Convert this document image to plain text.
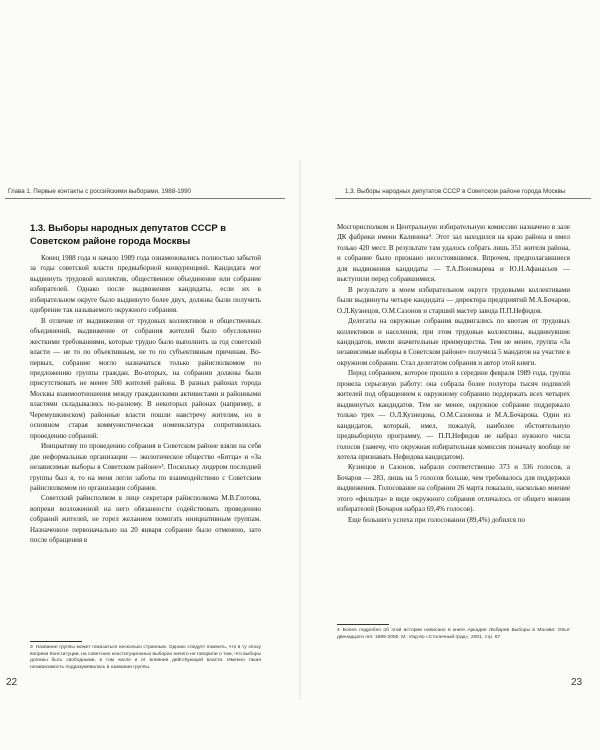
Глава 1. Первые контакты с российскими выборами, 1988-1990
1.3. Выборы народных депутатов СССР в Советском районе города Москвы

Конец 1988 года и начало 1989 года ознаменовались полностью забытой за годы советской власти предвыборной конкуренцией. Кандидата мог выдвинуть трудовой коллектив, общественное объединение или собрание избирателей. Однако после выдвижения кандидаты, если их в избирательном округе было выдвинуто более двух, должны были получить одобрение так называемого окружного собрания.

В отличие от выдвижения от трудовых коллективов и общественных объединений, выдвижение от собрания жителей было обусловлено жесткими требованиями, которые трудно было выполнить за год советской власти — не то по объективным, не то по субъективным причинам. Во-первых, собрание могло назначаться только райисполкомом по предложению группы граждан. Во-вторых, на собрании должны были присутствовать не менее 500 жителей района. В разных районах города Москвы взаимоотношения между гражданскими активистами и районными властями складывались по-разному. В некоторых районах (например, в Черемушкинском) районные власти пошли навстречу жителям, но в основном старая коммунистическая номенклатура сопротивлялась проведению собраний.

Инициативу по проведению собрания в Советском районе взяли на себя две неформальные организации — экологическое общество «Битца» и «За независимые выборы в Советском районе»³. Поскольку лидером последней группы был я, то на меня легли заботы по взаимодействию с Советским райисполкомом по организации собрания.

Советский райисполком в лице секретаря райисполкома М.В.Глотова, вопреки возложенной на него обязанности содействовать проведению собраний жителей, не горел желанием помогать инициативным группам. Назначенное первоначально на 20 января собрание было отменено, зато после обращения в

3 Название группы может показаться несколько странным. Однако следует помнить, что в ту эпоху вопреки Конституции, на советских конституционных выборах ничего не говорили о том, что выборы должны быть свободными, в том числе и от влияния действующей власти. Именно такая независимость подразумевалась в названии группы.
22
1.3. Выборы народных депутатов СССР в Советском районе города Москвы

Мосгорисполком и Центральную избирательную комиссию назначено в зале ДК фабрики имени Калинина⁴. Этот зал находился на краю района и имел только 420 мест. В результате там удалось собрать лишь 351 жителя района, и собрание было признано несостоявшимся. Впрочем, предполагавшиеся для выдвижения кандидаты — Т.А.Пономарева и Ю.Н.Афанасьев — выступили перед собравшимися.

В результате в моем избирательном округе трудовыми коллективами были выдвинуты четыре кандидата — директора предприятий М.А.Бочаров, О.Л.Кузнецов, О.М.Сазонов и старший мастер завода П.П.Нефидов.

Делегаты на окружные собрания выдвигались по квотам от трудовых коллективов и населения, при этом трудовые коллективы, выдвинувшие кандидатов, имели значительные преимущества. Тем не менее, группа «За независимые выборы в Советском районе» получила 5 мандатов на участие в окружном собрании. Стал делегатом собрания и автор этой книги.

Перед собранием, которое прошло в середине февраля 1989 года, группа провела серьезную работу: она собрала более полутора тысяч подписей жителей под обращением к окружному собранию поддержать всех четырех выдвинутых кандидатов. Тем не менее, окружное собрание поддержало только трех — О.Л.Кузнецова, О.М.Сазонова и М.А.Бочарова. Один из кандидатов, который, имел, пожалуй, наиболее обстоятельную предвыборную программу, — П.П.Нефидов не набрал нужного числа голосов (замечу, что окружная избирательная комиссия поначалу вообще не хотела признавать Нефидова кандидатом).

Кузнецов и Сазонов, набрали соответственно 373 и 336 голосов, а Бочаров — 283, лишь на 5 голосов больше, чем требовалось для поддержки выдвижения. Голосование на собрании 26 марта показало, насколько мнение этого «фильтра» в виде окружного собрания отличалось от общего мнения избирателей (Бочаров набрал 69,4% голосов).

Еще большего успеха при голосовании (89,4%) добился по

4 Более подробно об этой истории написано в книге Аркадия Любарев Выборы в Москве: Опыт двенадцати лет. 1989-2000. М.: Изд-во «Столичный град», 2001, стр. 67
23
